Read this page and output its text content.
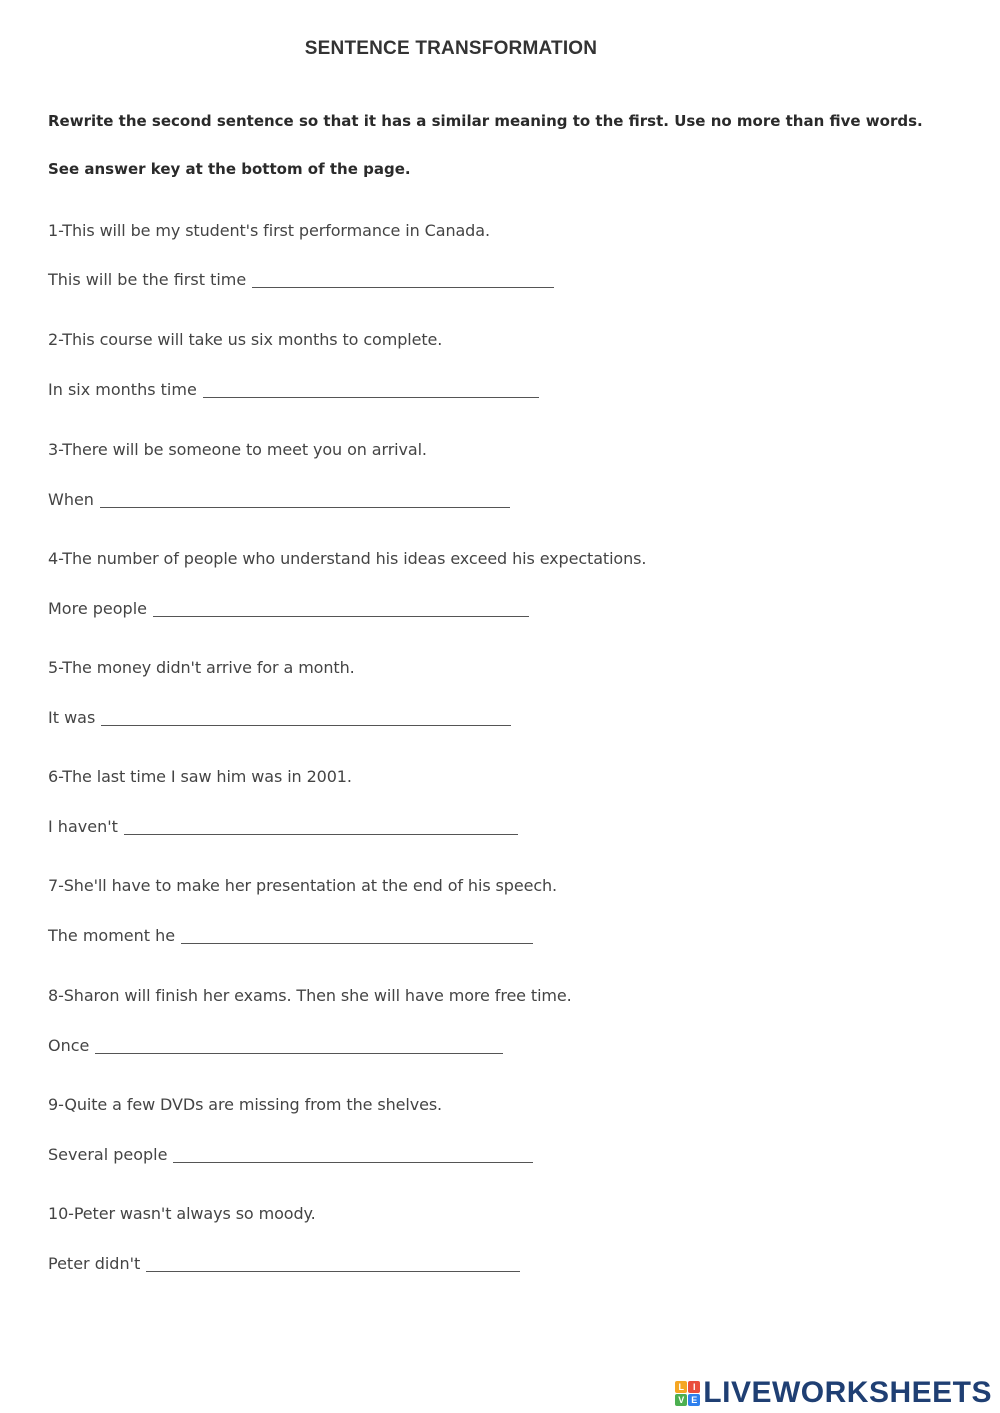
SENTENCE TRANSFORMATION
Rewrite the second sentence so that it has a similar meaning to the first. Use no more than five words.
See answer key at the bottom of the page.
1-This will be my student's first performance in Canada.
This will be the first time
2-This course will take us six months to complete.
In six months time
3-There will be someone to meet you on arrival.
When
4-The number of people who understand his ideas exceed his expectations.
More people
5-The money didn't arrive for a month.
It was
6-The last time I saw him was in 2001.
I haven't
7-She'll have to make her presentation at the end of his speech.
The moment he
8-Sharon will finish her exams. Then she will have more free time.
Once
9-Quite a few DVDs are missing from the shelves.
Several people
10-Peter wasn't always so moody.
Peter didn't
L I
V E LIVEWORKSHEETS
